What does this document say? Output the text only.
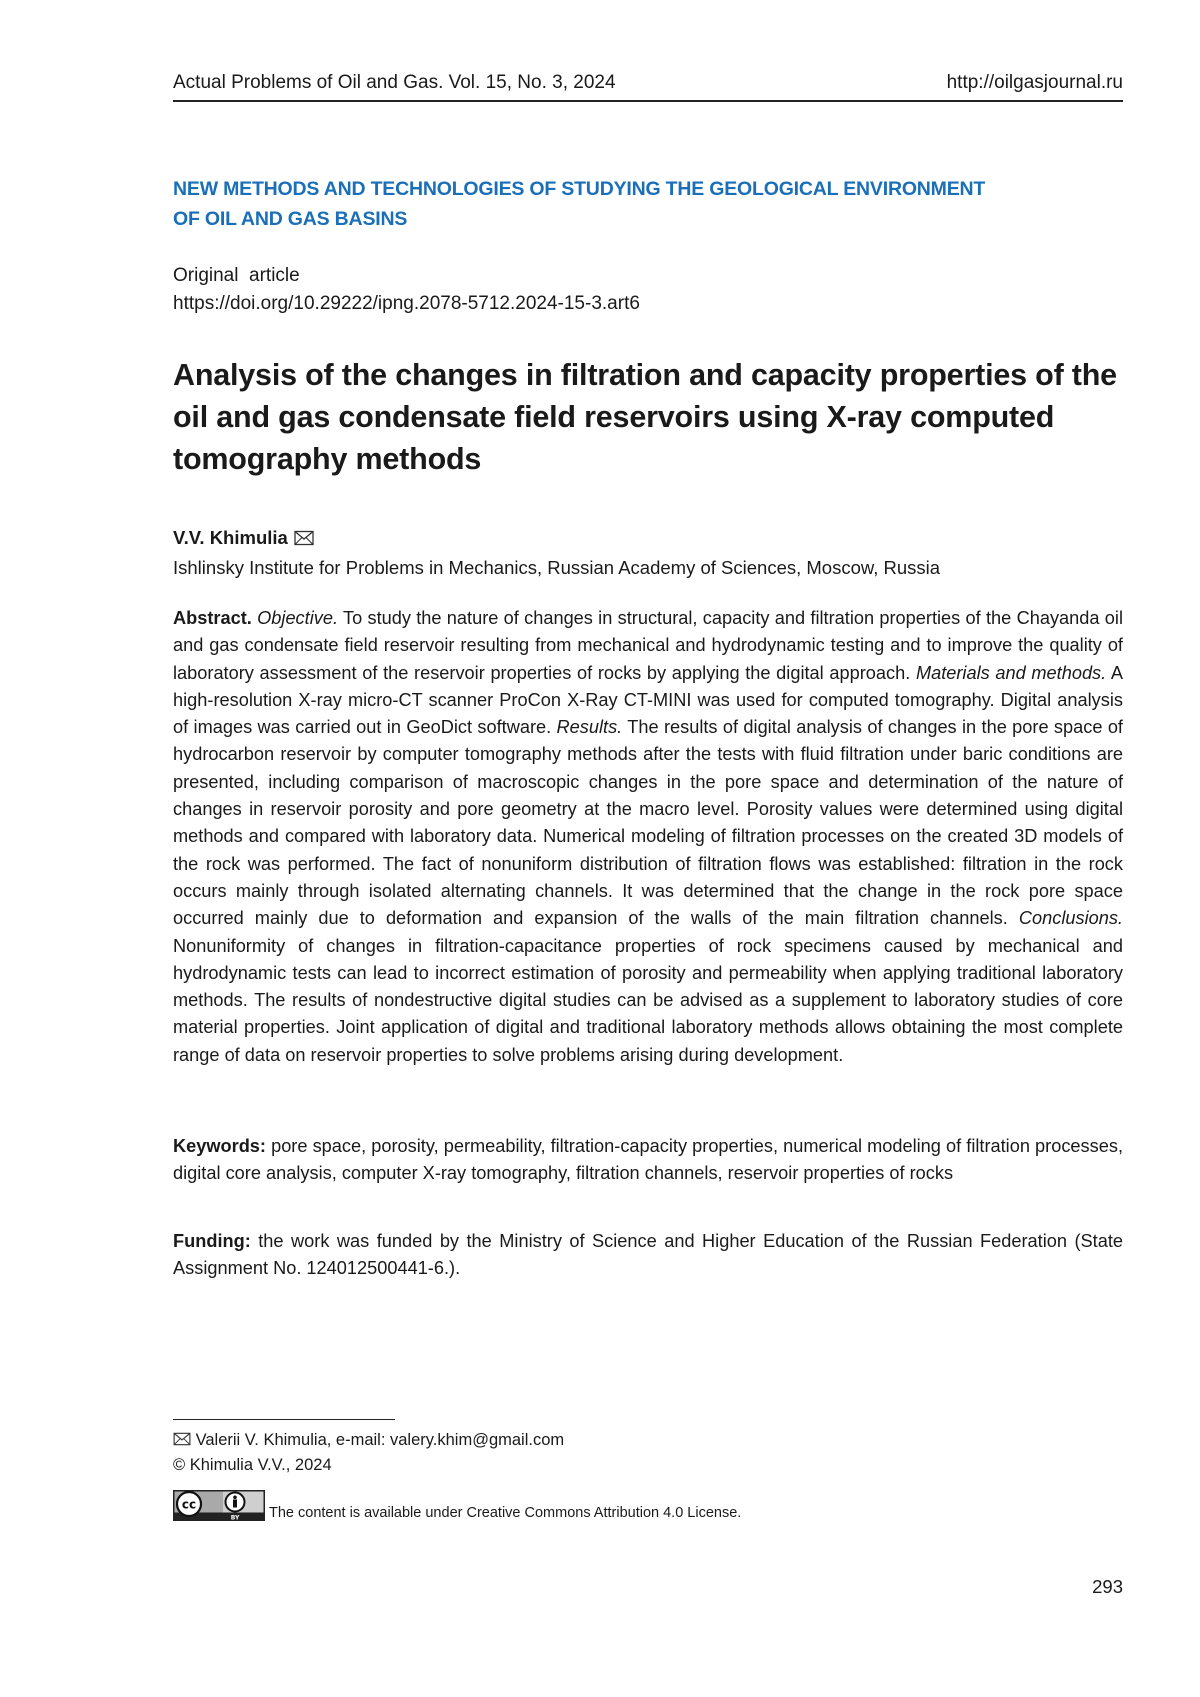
Actual Problems of Oil and Gas. Vol. 15, No. 3, 2024	http://oilgasjournal.ru
NEW METHODS AND TECHNOLOGIES OF STUDYING THE GEOLOGICAL ENVIRONMENT
OF OIL AND GAS BASINS
Original  article
https://doi.org/10.29222/ipng.2078-5712.2024-15-3.art6
Analysis of the changes in filtration and capacity properties of the oil and gas condensate field reservoirs using X-ray computed tomography methods
V.V. Khimulia
Ishlinsky Institute for Problems in Mechanics, Russian Academy of Sciences, Moscow, Russia
Abstract. Objective. To study the nature of changes in structural, capacity and filtration properties of the Chayanda oil and gas condensate field reservoir resulting from mechanical and hydrodynamic testing and to improve the quality of laboratory assessment of the reservoir properties of rocks by applying the digital approach. Materials and methods. A high-resolution X-ray micro-CT scanner ProCon X-Ray CT-MINI was used for computed tomography. Digital analysis of images was carried out in GeoDict software. Results. The results of digital analysis of changes in the pore space of hydrocarbon reservoir by computer tomography methods after the tests with fluid filtration under baric conditions are presented, including comparison of macroscopic changes in the pore space and determination of the nature of changes in reservoir porosity and pore geometry at the macro level. Porosity values were determined using digital methods and compared with laboratory data. Numerical modeling of filtration processes on the created 3D models of the rock was performed. The fact of nonuniform distribution of filtration flows was established: filtration in the rock occurs mainly through isolated alternating channels. It was determined that the change in the rock pore space occurred mainly due to deformation and expansion of the walls of the main filtration channels. Conclusions. Nonuniformity of changes in filtration-capacitance properties of rock specimens caused by mechanical and hydrodynamic tests can lead to incorrect estimation of porosity and permeability when applying traditional laboratory methods. The results of nondestructive digital studies can be advised as a supplement to laboratory studies of core material properties. Joint application of digital and traditional laboratory methods allows obtaining the most complete range of data on reservoir properties to solve problems arising during development.
Keywords: pore space, porosity, permeability, filtration-capacity properties, numerical modeling of filtration processes, digital core analysis, computer X-ray tomography, filtration channels, reservoir properties of rocks
Funding: the work was funded by the Ministry of Science and Higher Education of the Russian Federation (State Assignment No. 124012500441-6.).
Valerii V. Khimulia, e-mail: valery.khim@gmail.com
© Khimulia V.V., 2024
cc
BY The content is available under Creative Commons Attribution 4.0 License.
293
